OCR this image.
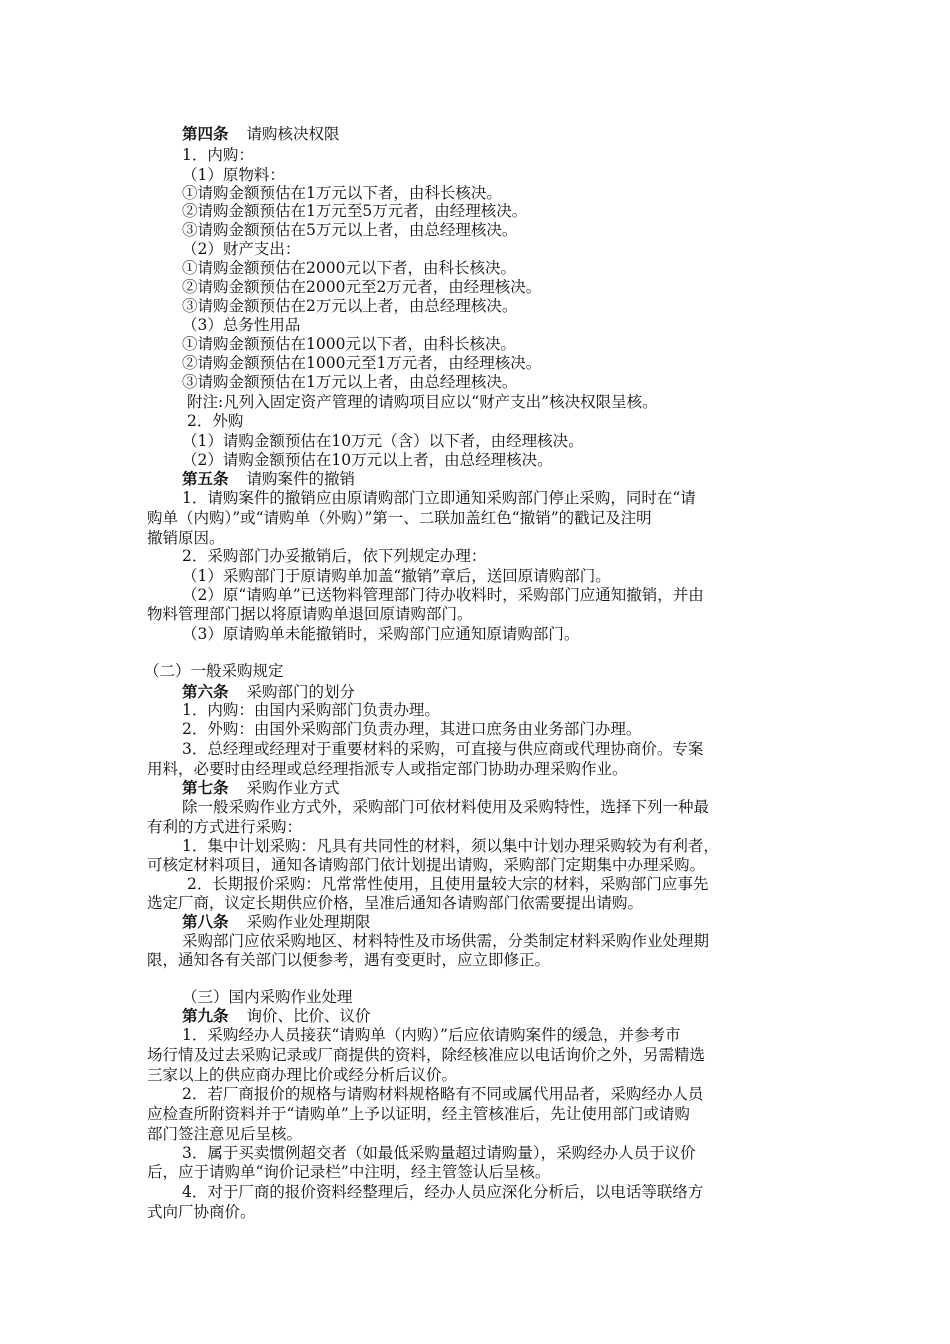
第四条 请购核决权限
1．内购：
（1）原物料：
①请购金额预估在1万元以下者，由科长核决。
②请购金额预估在1万元至5万元者，由经理核决。
③请购金额预估在5万元以上者，由总经理核决。
（2）财产支出：
①请购金额预估在2000元以下者，由科长核决。
②请购金额预估在2000元至2万元者，由经理核决。
③请购金额预估在2万元以上者，由总经理核决。
（3）总务性用品
①请购金额预估在1000元以下者，由科长核决。
②请购金额预估在1000元至1万元者，由经理核决。
③请购金额预估在1万元以上者，由总经理核决。
附注:凡列入固定资产管理的请购项目应以“财产支出”核决权限呈核。
2．外购
（1）请购金额预估在10万元（含）以下者，由经理核决。
（2）请购金额预估在10万元以上者，由总经理核决。
第五条 请购案件的撤销
1．请购案件的撤销应由原请购部门立即通知采购部门停止采购，同时在“请
购单（内购）”或“请购单（外购）”第一、二联加盖红色“撤销”的戳记及注明
撤销原因。
2．采购部门办妥撤销后，依下列规定办理：
（1）采购部门于原请购单加盖“撤销”章后，送回原请购部门。
（2）原“请购单”已送物料管理部门待办收料时，采购部门应通知撤销，并由
物料管理部门据以将原请购单退回原请购部门。
（3）原请购单未能撤销时，采购部门应通知原请购部门。
（二）一般采购规定
第六条 采购部门的划分
1．内购：由国内采购部门负责办理。
2．外购：由国外采购部门负责办理，其进口庶务由业务部门办理。
3．总经理或经理对于重要材料的采购，可直接与供应商或代理协商价。专案
用料，必要时由经理或总经理指派专人或指定部门协助办理采购作业。
第七条 采购作业方式
除一般采购作业方式外，采购部门可依材料使用及采购特性，选择下列一种最
有利的方式进行采购：
1．集中计划采购：凡具有共同性的材料，须以集中计划办理采购较为有利者，
可核定材料项目，通知各请购部门依计划提出请购，采购部门定期集中办理采购。
2．长期报价采购：凡常常性使用，且使用量较大宗的材料，采购部门应事先
选定厂商，议定长期供应价格，呈准后通知各请购部门依需要提出请购。
第八条 采购作业处理期限
采购部门应依采购地区、材料特性及市场供需，分类制定材料采购作业处理期
限，通知各有关部门以便参考，遇有变更时，应立即修正。
（三）国内采购作业处理
第九条 询价、比价、议价
1．采购经办人员接获“请购单（内购）”后应依请购案件的缓急，并参考市
场行情及过去采购记录或厂商提供的资料，除经核准应以电话询价之外，另需精选
三家以上的供应商办理比价或经分析后议价。
2．若厂商报价的规格与请购材料规格略有不同或属代用品者，采购经办人员
应检查所附资料并于“请购单”上予以证明，经主管核准后，先让使用部门或请购
部门签注意见后呈核。
3．属于买卖惯例超交者（如最低采购量超过请购量），采购经办人员于议价
后，应于请购单“询价记录栏”中注明，经主管签认后呈核。
4．对于厂商的报价资料经整理后，经办人员应深化分析后，以电话等联络方
式向厂协商价。
